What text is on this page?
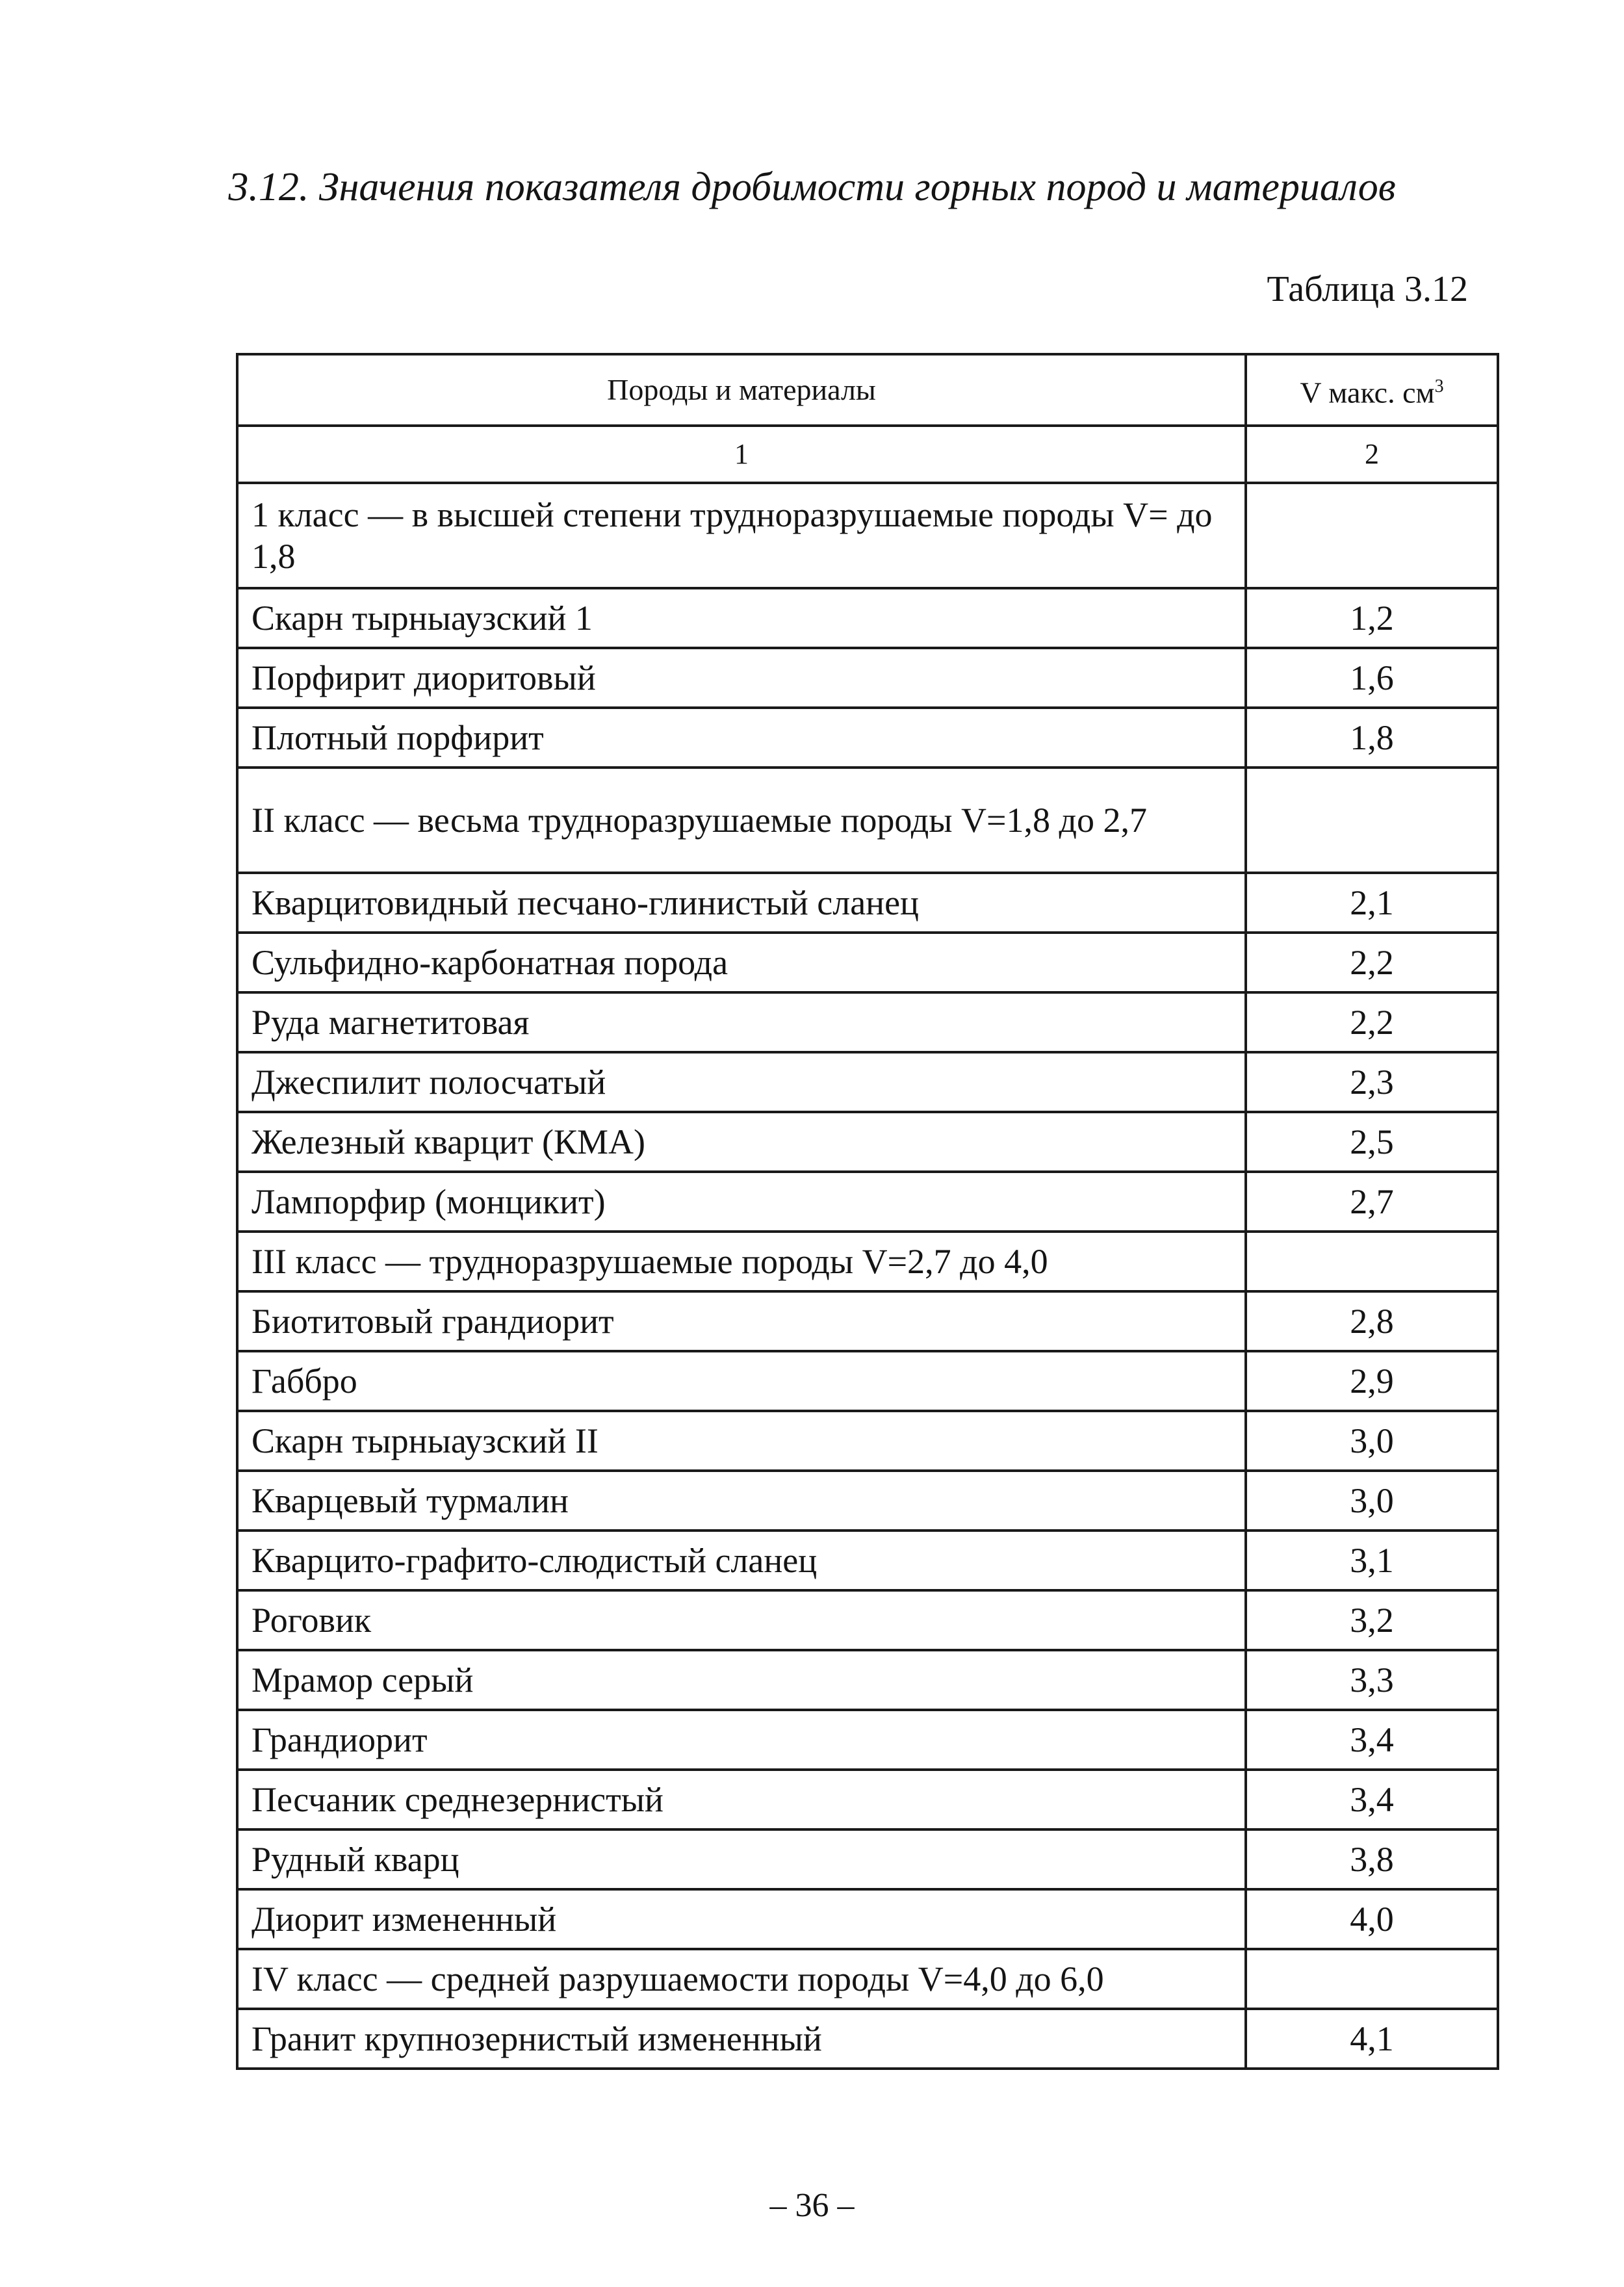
3.12. Значения показателя дробимости горных пород и материалов
Таблица 3.12
Породы и материалы	V макс. $см^3$
1	2
1 класс — в высшей степени трудноразрушаемые породы V= до 1,8	
Скарн тырныаузский 1	1,2
Порфирит диоритовый	1,6
Плотный порфирит	1,8
II класс — весьма трудноразрушаемые породы V=1,8 до 2,7	
Кварцитовидный песчано-глинистый сланец	2,1
Сульфидно-карбонатная порода	2,2
Руда магнетитовая	2,2
Джеспилит полосчатый	2,3
Железный кварцит (КМА)	2,5
Лампорфир (монцикит)	2,7
III класс — трудноразрушаемые породы V=2,7 до 4,0	
Биотитовый грандиорит	2,8
Габбро	2,9
Скарн тырныаузский II	3,0
Кварцевый турмалин	3,0
Кварцито-графито-слюдистый сланец	3,1
Роговик	3,2
Мрамор серый	3,3
Грандиорит	3,4
Песчаник среднезернистый	3,4
Рудный кварц	3,8
Диорит измененный	4,0
IV класс — средней разрушаемости породы V=4,0 до 6,0	
Гранит крупнозернистый измененный	4,1
– 36 –
